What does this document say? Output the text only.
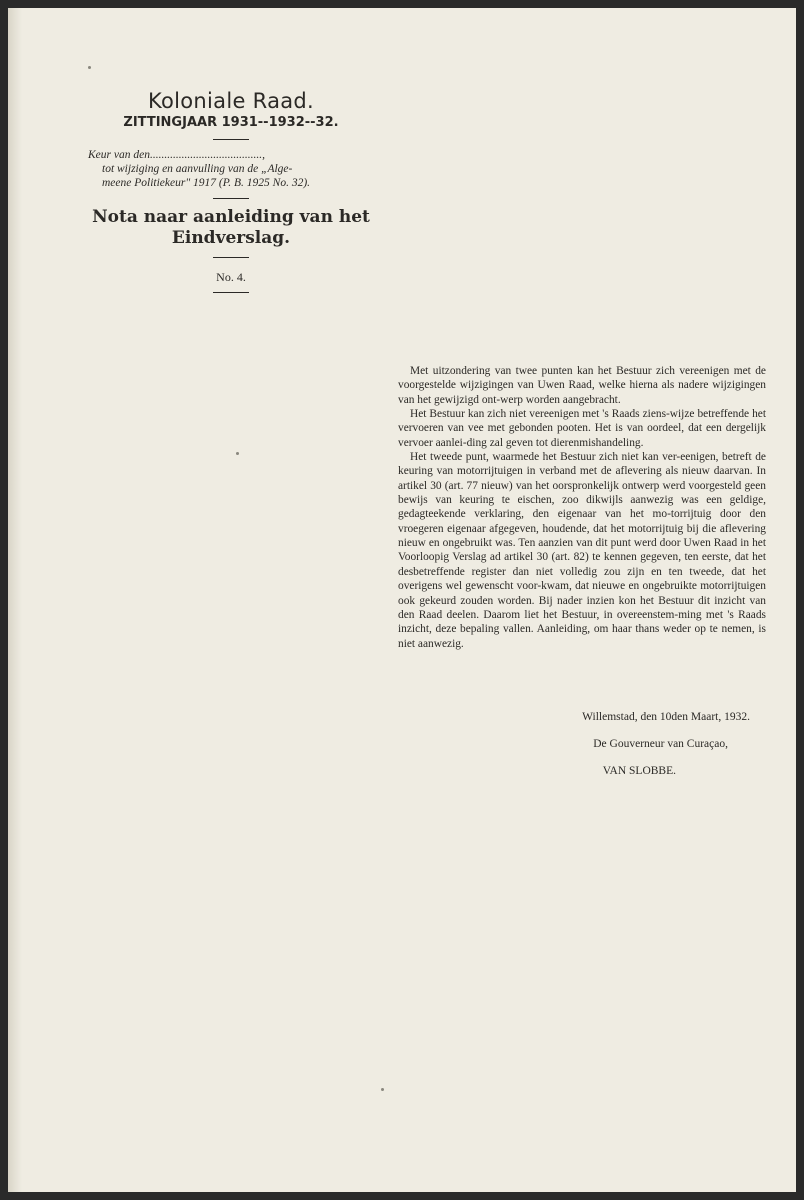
Koloniale Raad.
ZITTINGJAAR 1931--1932--32.
Keur van den.......................................,
tot wijziging en aanvulling van de „Alge-
meene Politiekeur" 1917 (P. B. 1925 No. 32).
Nota naar aanleiding van het
Eindverslag.
No. 4.

Met uitzondering van twee punten kan het Bestuur zich vereenigen met de voorgestelde wijzigingen van Uwen Raad, welke hierna als nadere wijzigingen van het gewijzigd ont-werp worden aangebracht.

Het Bestuur kan zich niet vereenigen met 's Raads ziens-wijze betreffende het vervoeren van vee met gebonden pooten. Het is van oordeel, dat een dergelijk vervoer aanlei-ding zal geven tot dierenmishandeling.

Het tweede punt, waarmede het Bestuur zich niet kan ver-eenigen, betreft de keuring van motorrijtuigen in verband met de aflevering als nieuw daarvan. In artikel 30 (art. 77 nieuw) van het oorspronkelijk ontwerp werd voorgesteld geen bewijs van keuring te eischen, zoo dikwijls aanwezig was een geldige, gedagteekende verklaring, den eigenaar van het mo-torrijtuig door den vroegeren eigenaar afgegeven, houdende, dat het motorrijtuig bij die aflevering nieuw en ongebruikt was. Ten aanzien van dit punt werd door Uwen Raad in het Voorloopig Verslag ad artikel 30 (art. 82) te kennen gegeven, ten eerste, dat het desbetreffende register dan niet volledig zou zijn en ten tweede, dat het overigens wel gewenscht voor-kwam, dat nieuwe en ongebruikte motorrijtuigen ook gekeurd zouden worden. Bij nader inzien kon het Bestuur dit inzicht van den Raad deelen. Daarom liet het Bestuur, in overeenstem-ming met 's Raads inzicht, deze bepaling vallen. Aanleiding, om haar thans weder op te nemen, is niet aanwezig.

Willemstad, den 10den Maart, 1932.
De Gouverneur van Curaçao,
VAN SLOBBE.
